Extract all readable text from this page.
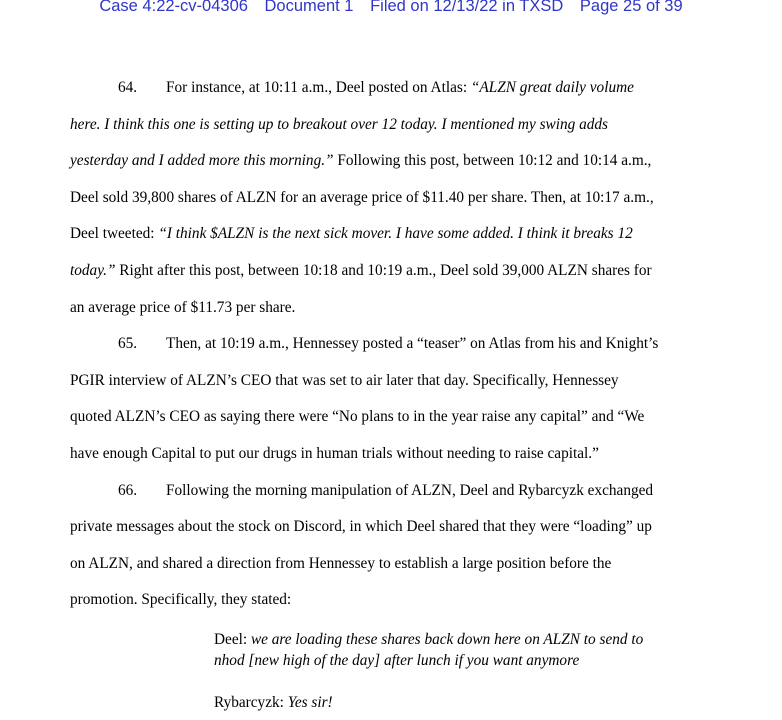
Case 4:22-cv-04306 Document 1 Filed on 12/13/22 in TXSD Page 25 of 39
64. For instance, at 10:11 a.m., Deel posted on Atlas: “ALZN great daily volume
here. I think this one is setting up to breakout over 12 today. I mentioned my swing adds
yesterday and I added more this morning.” Following this post, between 10:12 and 10:14 a.m.,
Deel sold 39,800 shares of ALZN for an average price of $11.40 per share. Then, at 10:17 a.m.,
Deel tweeted: “I think $ALZN is the next sick mover. I have some added. I think it breaks 12
today.” Right after this post, between 10:18 and 10:19 a.m., Deel sold 39,000 ALZN shares for
an average price of $11.73 per share.
65. Then, at 10:19 a.m., Hennessey posted a “teaser” on Atlas from his and Knight’s
PGIR interview of ALZN’s CEO that was set to air later that day. Specifically, Hennessey
quoted ALZN’s CEO as saying there were “No plans to in the year raise any capital” and “We
have enough Capital to put our drugs in human trials without needing to raise capital.”
66. Following the morning manipulation of ALZN, Deel and Rybarcyzk exchanged
private messages about the stock on Discord, in which Deel shared that they were “loading” up
on ALZN, and shared a direction from Hennessey to establish a large position before the
promotion. Specifically, they stated:
Deel: we are loading these shares back down here on ALZN to send to
nhod [new high of the day] after lunch if you want anymore
Rybarcyzk: Yes sir!
